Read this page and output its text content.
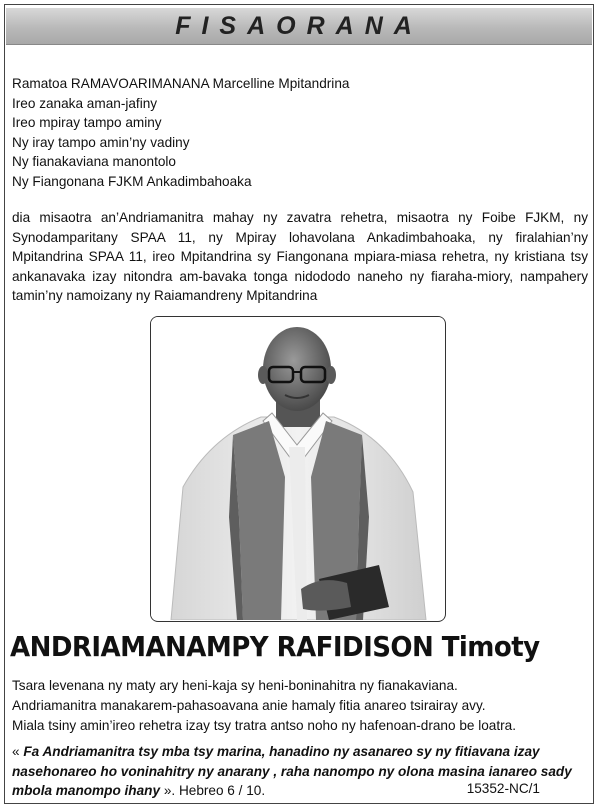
FISAORANA
Ramatoa RAMAVOARIMANANA Marcelline Mpitandrina
Ireo zanaka aman-jafiny
Ireo mpiray tampo aminy
Ny iray tampo amin’ny vadiny
Ny fianakaviana manontolo
Ny Fiangonana FJKM Ankadimbahoaka

dia misaotra an’Andriamanitra mahay ny zavatra rehetra, misaotra ny Foibe FJKM, ny Synodamparitany SPAA 11, ny Mpiray lohavolana Ankadimbahoaka, ny firalahian’ny Mpitandrina SPAA 11, ireo Mpitandrina sy Fiangonana mpiara-miasa rehetra, ny kristiana tsy ankanavaka izay nitondra am-bavaka tonga nidododo naneho ny fiaraha-miory, nampahery tamin’ny namoizany ny Raiamandreny Mpitandrina

ANDRIAMANAMPY RAFIDISON Timoty
Tsara levenana ny maty ary heni-kaja sy heni-boninahitra ny fianakaviana.
Andriamanitra manakarem-pahasoavana anie hamaly fitia anareo tsirairay avy.
Miala tsiny amin’ireo rehetra izay tsy tratra antso noho ny hafenoan-drano be loatra.

« Fa Andriamanitra tsy mba tsy marina, hanadino ny asanareo sy ny fitiavana izay nasehonareo ho voninahitry ny anarany , raha nanompo ny olona masina ianareo sady mbola manompo ihany ». Hebreo 6 / 10.	15352-NC/1
